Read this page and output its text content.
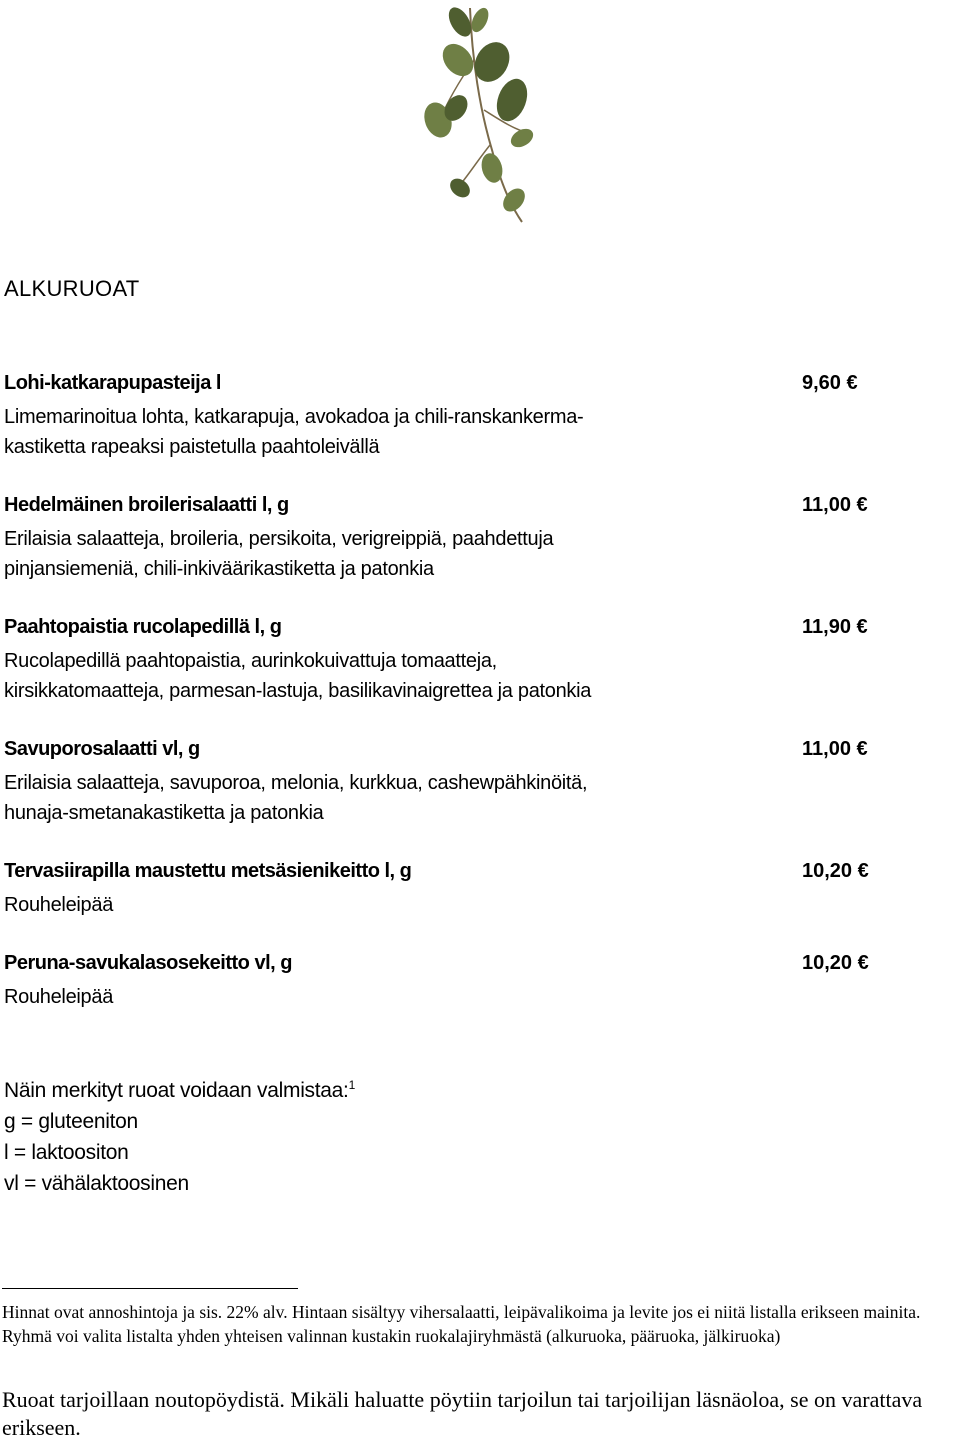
ALKURUOAT
Lohi-katkarapupasteija l	9,60 €
Limemarinoitua lohta, katkarapuja, avokadoa ja chili-ranskankerma-
kastiketta rapeaksi paistetulla paahtoleivällä
Hedelmäinen broilerisalaatti l, g	11,00 €
Erilaisia salaatteja, broileria, persikoita, verigreippiä, paahdettuja
pinjansiemeniä, chili-inkiväärikastiketta ja patonkia
Paahtopaistia rucolapedillä l, g	11,90 €
Rucolapedillä paahtopaistia, aurinkokuivattuja tomaatteja,
kirsikkatomaatteja, parmesan-lastuja, basilikavinaigrettea ja patonkia
Savuporosalaatti vl, g	11,00 €
Erilaisia salaatteja, savuporoa, melonia, kurkkua, cashewpähkinöitä,
hunaja-smetanakastiketta ja patonkia
Tervasiirapilla maustettu metsäsienikeitto l, g	10,20 €
Rouheleipää
Peruna-savukalasosekeitto vl, g	10,20 €
Rouheleipää
Näin merkityt ruoat voidaan valmistaa:$^1$
g = gluteeniton
l = laktoositon
vl = vähälaktoosinen
Hinnat ovat annoshintoja ja sis. 22% alv. Hintaan sisältyy vihersalaatti, leipävalikoima ja levite jos ei niitä listalla erikseen mainita. Ryhmä voi valita listalta yhden yhteisen valinnan kustakin ruokalajiryhmästä (alkuruoka, pääruoka, jälkiruoka)
Ruoat tarjoillaan noutopöydistä. Mikäli haluatte pöytiin tarjoilun tai tarjoilijan läsnäoloa, se on varattava erikseen.
